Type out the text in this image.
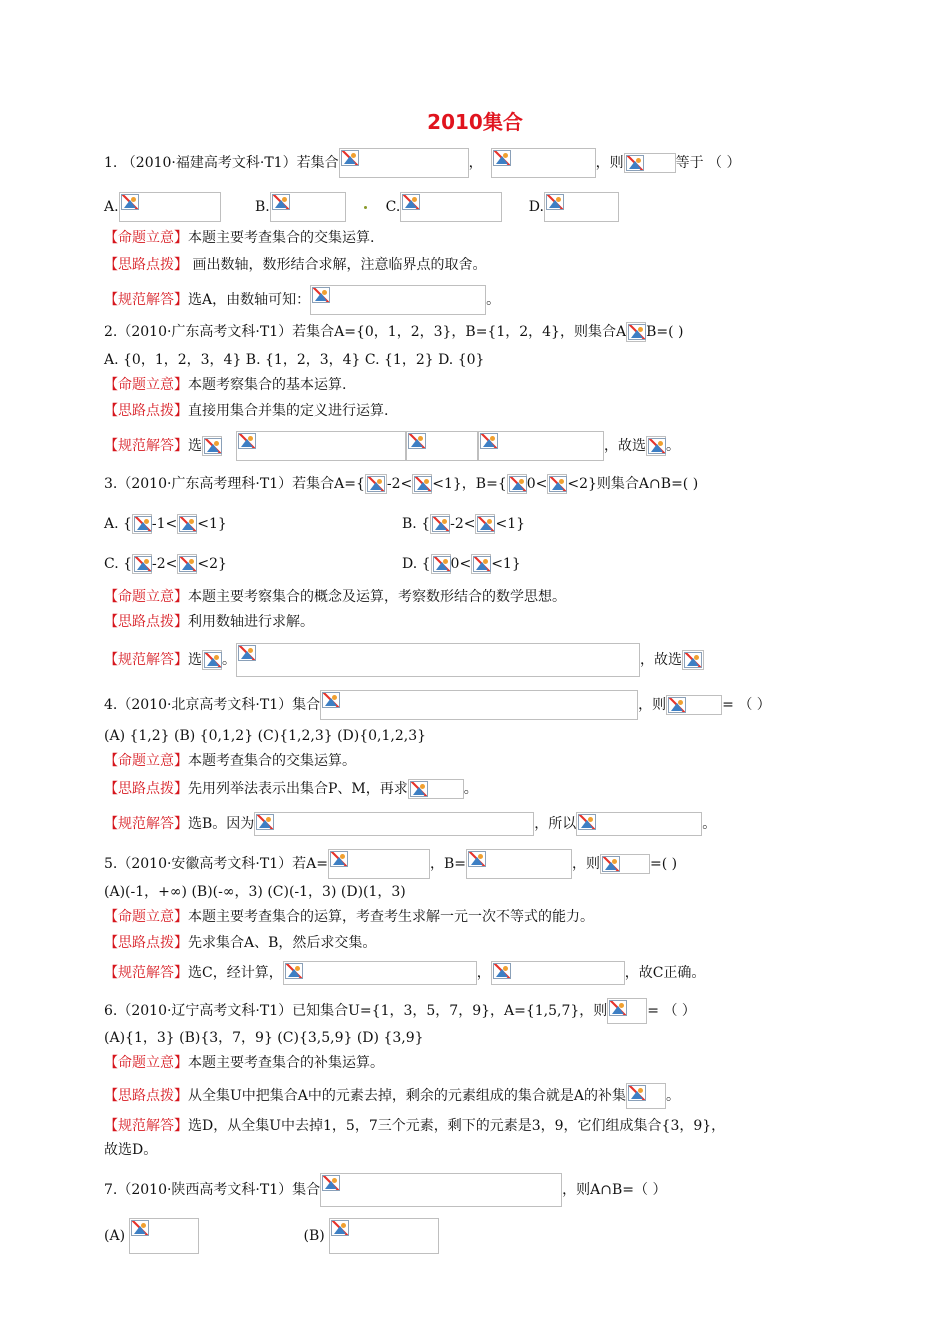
2010集合
1. （2010·福建高考文科·T1）若集合	，	，则	等于 （ ）
A.	B.	C.	D.
【命题立意】本题主要考查集合的交集运算.
【思路点拨】 画出数轴，数形结合求解，注意临界点的取舍。
【规范解答】选A，由数轴可知：	。
2.（2010·广东高考文科·T1）若集合A={0，1，2，3}，B={1，2，4}，则集合A B=( )
A. {0，1，2，3，4} B. {1，2，3，4} C. {1，2} D. {0}
【命题立意】本题考察集合的基本运算.
【思路点拨】直接用集合并集的定义进行运算.
【规范解答】选	，故选 。
3.（2010·广东高考理科·T1）若集合A={ -2< <1}，B={ 0< <2}则集合A∩B=( )
A. { -1< <1}	B. { -2< <1}
C. { -2< <2}	D. { 0< <1}
【命题立意】本题主要考察集合的概念及运算，考察数形结合的数学思想。
【思路点拨】利用数轴进行求解。
【规范解答】选 。	，故选
4.（2010·北京高考文科·T1）集合	，则	= （ ）
(A) {1,2} (B) {0,1,2} (C){1,2,3} (D){0,1,2,3}
【命题立意】本题考查集合的交集运算。
【思路点拨】先用列举法表示出集合P、M，再求	。
【规范解答】选B。因为	，所以	。
5.（2010·安徽高考文科·T1）若A=	，B=	，则	=( )
(A)(-1，+∞) (B)(-∞，3) (C)(-1，3) (D)(1，3)
【命题立意】本题主要考查集合的运算，考查考生求解一元一次不等式的能力。
【思路点拨】先求集合A、B，然后求交集。
【规范解答】选C，经计算，	，	，故C正确。
6.（2010·辽宁高考文科·T1）已知集合U={1，3，5，7，9}，A={1,5,7}，则	= （ ）
(A){1，3} (B){3，7，9} (C){3,5,9} (D) {3,9}
【命题立意】本题主要考查集合的补集运算。
【思路点拨】从全集U中把集合A中的元素去掉，剩余的元素组成的集合就是A的补集	。
【规范解答】选D，从全集U中去掉1，5，7三个元素，剩下的元素是3，9，它们组成集合{3，9}，
故选D。
7.（2010·陕西高考文科·T1）集合	，则A∩B=（ ）
(A)	(B)
